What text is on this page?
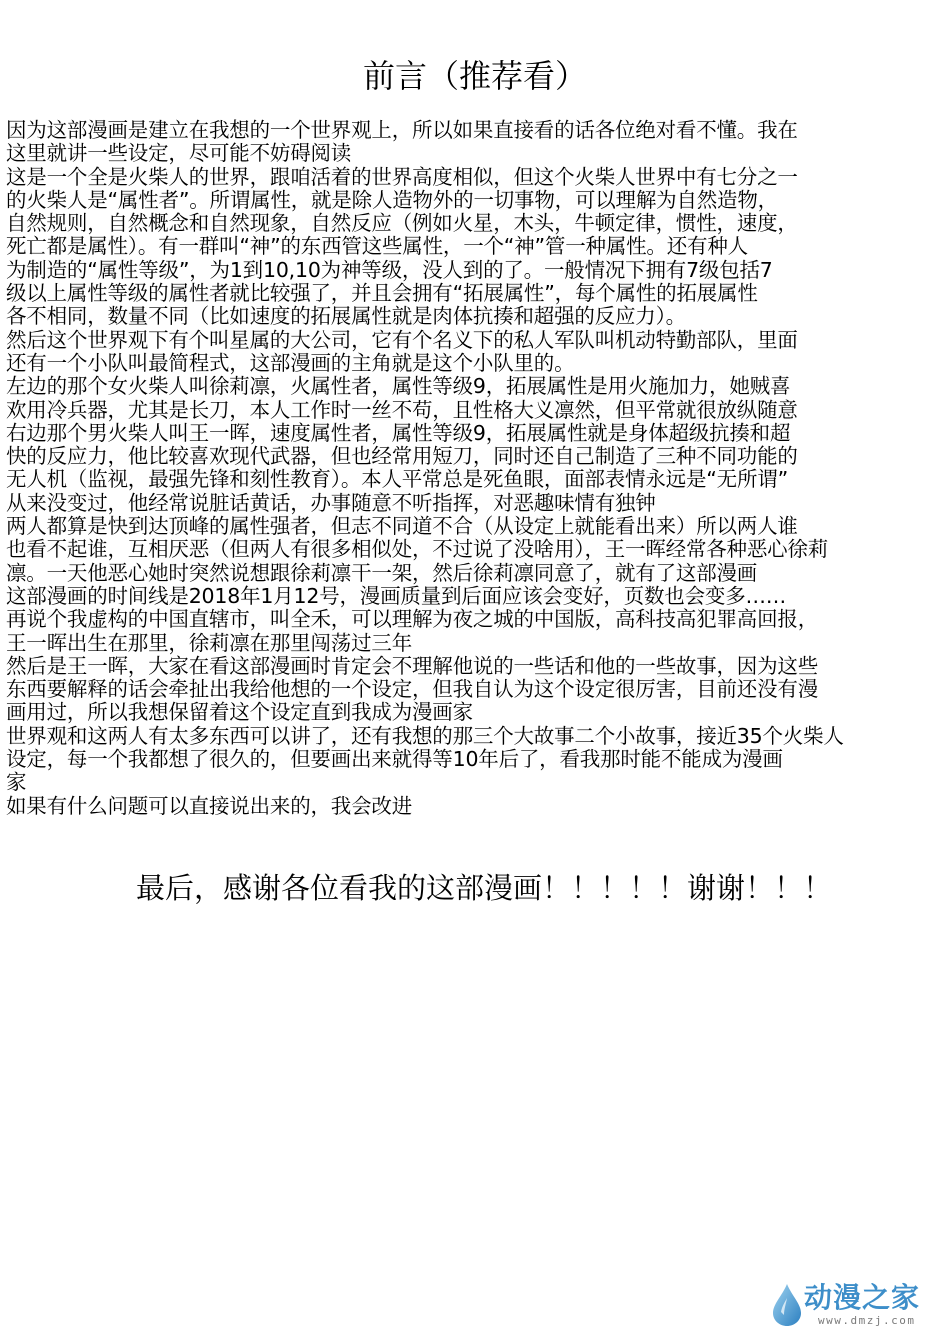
前言（推荐看）
因为这部漫画是建立在我想的一个世界观上，所以如果直接看的话各位绝对看不懂。我在
这里就讲一些设定，尽可能不妨碍阅读
这是一个全是火柴人的世界，跟咱活着的世界高度相似，但这个火柴人世界中有七分之一
的火柴人是“属性者”。所谓属性，就是除人造物外的一切事物，可以理解为自然造物，
自然规则，自然概念和自然现象，自然反应（例如火星，木头，牛顿定律，惯性，速度，
死亡都是属性）。有一群叫“神”的东西管这些属性，一个“神”管一种属性。还有种人
为制造的“属性等级”，为1到10,10为神等级，没人到的了。一般情况下拥有7级包括7
级以上属性等级的属性者就比较强了，并且会拥有“拓展属性”，每个属性的拓展属性
各不相同，数量不同（比如速度的拓展属性就是肉体抗揍和超强的反应力）。
然后这个世界观下有个叫星属的大公司，它有个名义下的私人军队叫机动特勤部队，里面
还有一个小队叫最简程式，这部漫画的主角就是这个小队里的。
左边的那个女火柴人叫徐莉凛，火属性者，属性等级9，拓展属性是用火施加力，她贼喜
欢用冷兵器，尤其是长刀，本人工作时一丝不苟，且性格大义凛然，但平常就很放纵随意
右边那个男火柴人叫王一晖，速度属性者，属性等级9，拓展属性就是身体超级抗揍和超
快的反应力，他比较喜欢现代武器，但也经常用短刀，同时还自己制造了三种不同功能的
无人机（监视，最强先锋和刻性教育）。本人平常总是死鱼眼，面部表情永远是“无所谓”
从来没变过，他经常说脏话黄话，办事随意不听指挥，对恶趣味情有独钟
两人都算是快到达顶峰的属性强者，但志不同道不合（从设定上就能看出来）所以两人谁
也看不起谁，互相厌恶（但两人有很多相似处，不过说了没啥用），王一晖经常各种恶心徐莉
凛。一天他恶心她时突然说想跟徐莉凛干一架，然后徐莉凛同意了，就有了这部漫画
这部漫画的时间线是2018年1月12号，漫画质量到后面应该会变好，页数也会变多……
再说个我虚构的中国直辖市，叫全禾，可以理解为夜之城的中国版，高科技高犯罪高回报，
王一晖出生在那里，徐莉凛在那里闯荡过三年
然后是王一晖，大家在看这部漫画时肯定会不理解他说的一些话和他的一些故事，因为这些
东西要解释的话会牵扯出我给他想的一个设定，但我自认为这个设定很厉害，目前还没有漫
画用过，所以我想保留着这个设定直到我成为漫画家
世界观和这两人有太多东西可以讲了，还有我想的那三个大故事二个小故事，接近35个火柴人
设定，每一个我都想了很久的，但要画出来就得等10年后了，看我那时能不能成为漫画
家
如果有什么问题可以直接说出来的，我会改进

最后，感谢各位看我的这部漫画！！！！！谢谢！！！

动漫之家
www.dmzj.com
